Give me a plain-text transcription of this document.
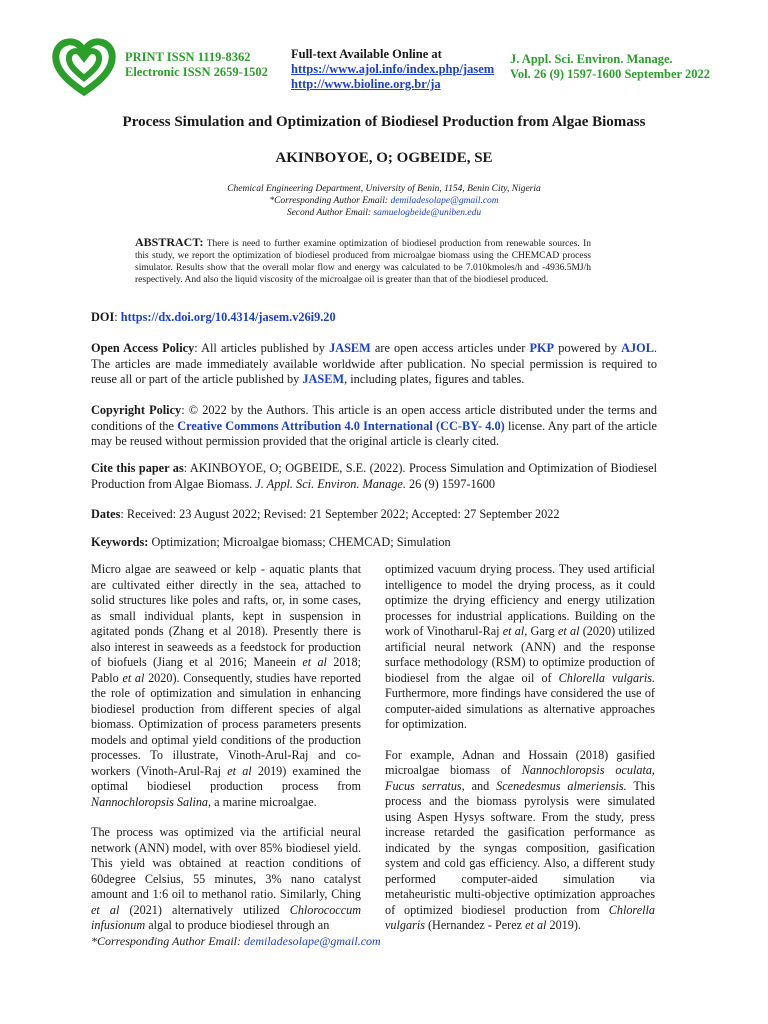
PRINT ISSN 1119-8362
Electronic ISSN 2659-1502
Full-text Available Online at
https://www.ajol.info/index.php/jasem
http://www.bioline.org.br/ja
J. Appl. Sci. Environ. Manage.
Vol. 26 (9) 1597-1600 September 2022
Process Simulation and Optimization of Biodiesel Production from Algae Biomass
AKINBOYOE, O; OGBEIDE, SE
Chemical Engineering Department, University of Benin, 1154, Benin City, Nigeria
*Corresponding Author Email: demiladesolape@gmail.com
Second Author Email: samuelogbeide@uniben.edu
ABSTRACT: There is need to further examine optimization of biodiesel production from renewable sources. In this study, we report the optimization of biodiesel produced from microalgae biomass using the CHEMCAD process simulator. Results show that the overall molar flow and energy was calculated to be 7.010kmoles/h and -4936.5MJ/h respectively. And also the liquid viscosity of the microalgae oil is greater than that of the biodiesel produced.
DOI: https://dx.doi.org/10.4314/jasem.v26i9.20
Open Access Policy: All articles published by JASEM are open access articles under PKP powered by AJOL. The articles are made immediately available worldwide after publication. No special permission is required to reuse all or part of the article published by JASEM, including plates, figures and tables.
Copyright Policy: © 2022 by the Authors. This article is an open access article distributed under the terms and conditions of the Creative Commons Attribution 4.0 International (CC-BY- 4.0) license. Any part of the article may be reused without permission provided that the original article is clearly cited.
Cite this paper as: AKINBOYOE, O; OGBEIDE, S.E. (2022). Process Simulation and Optimization of Biodiesel Production from Algae Biomass. J. Appl. Sci. Environ. Manage. 26 (9) 1597-1600
Dates: Received: 23 August 2022; Revised: 21 September 2022; Accepted: 27 September 2022
Keywords: Optimization; Microalgae biomass; CHEMCAD; Simulation

Micro algae are seaweed or kelp - aquatic plants that are cultivated either directly in the sea, attached to solid structures like poles and rafts, or, in some cases, as small individual plants, kept in suspension in agitated ponds (Zhang et al 2018). Presently there is also interest in seaweeds as a feedstock for production of biofuels (Jiang et al 2016; Maneein et al 2018; Pablo et al 2020). Consequently, studies have reported the role of optimization and simulation in enhancing biodiesel production from different species of algal biomass. Optimization of process parameters presents models and optimal yield conditions of the production processes. To illustrate, Vinoth-Arul-Raj and co-workers (Vinoth-Arul-Raj et al 2019) examined the optimal biodiesel production process from Nannochloropsis Salina, a marine microalgae.

The process was optimized via the artificial neural network (ANN) model, with over 85% biodiesel yield. This yield was obtained at reaction conditions of 60degree Celsius, 55 minutes, 3% nano catalyst amount and 1:6 oil to methanol ratio. Similarly, Ching et al (2021) alternatively utilized Chlorococcum infusionum algal to produce biodiesel through an

optimized vacuum drying process. They used artificial intelligence to model the drying process, as it could optimize the drying efficiency and energy utilization processes for industrial applications. Building on the work of Vinotharul-Raj et al, Garg et al (2020) utilized artificial neural network (ANN) and the response surface methodology (RSM) to optimize production of biodiesel from the algae oil of Chlorella vulgaris. Furthermore, more findings have considered the use of computer-aided simulations as alternative approaches for optimization.

For example, Adnan and Hossain (2018) gasified microalgae biomass of Nannochloropsis oculata, Fucus serratus, and Scenedesmus almeriensis. This process and the biomass pyrolysis were simulated using Aspen Hysys software. From the study, press increase retarded the gasification performance as indicated by the syngas composition, gasification system and cold gas efficiency. Also, a different study performed computer-aided simulation via metaheuristic multi-objective optimization approaches of optimized biodiesel production from Chlorella vulgaris (Hernandez - Perez et al 2019).

*Corresponding Author Email: demiladesolape@gmail.com
